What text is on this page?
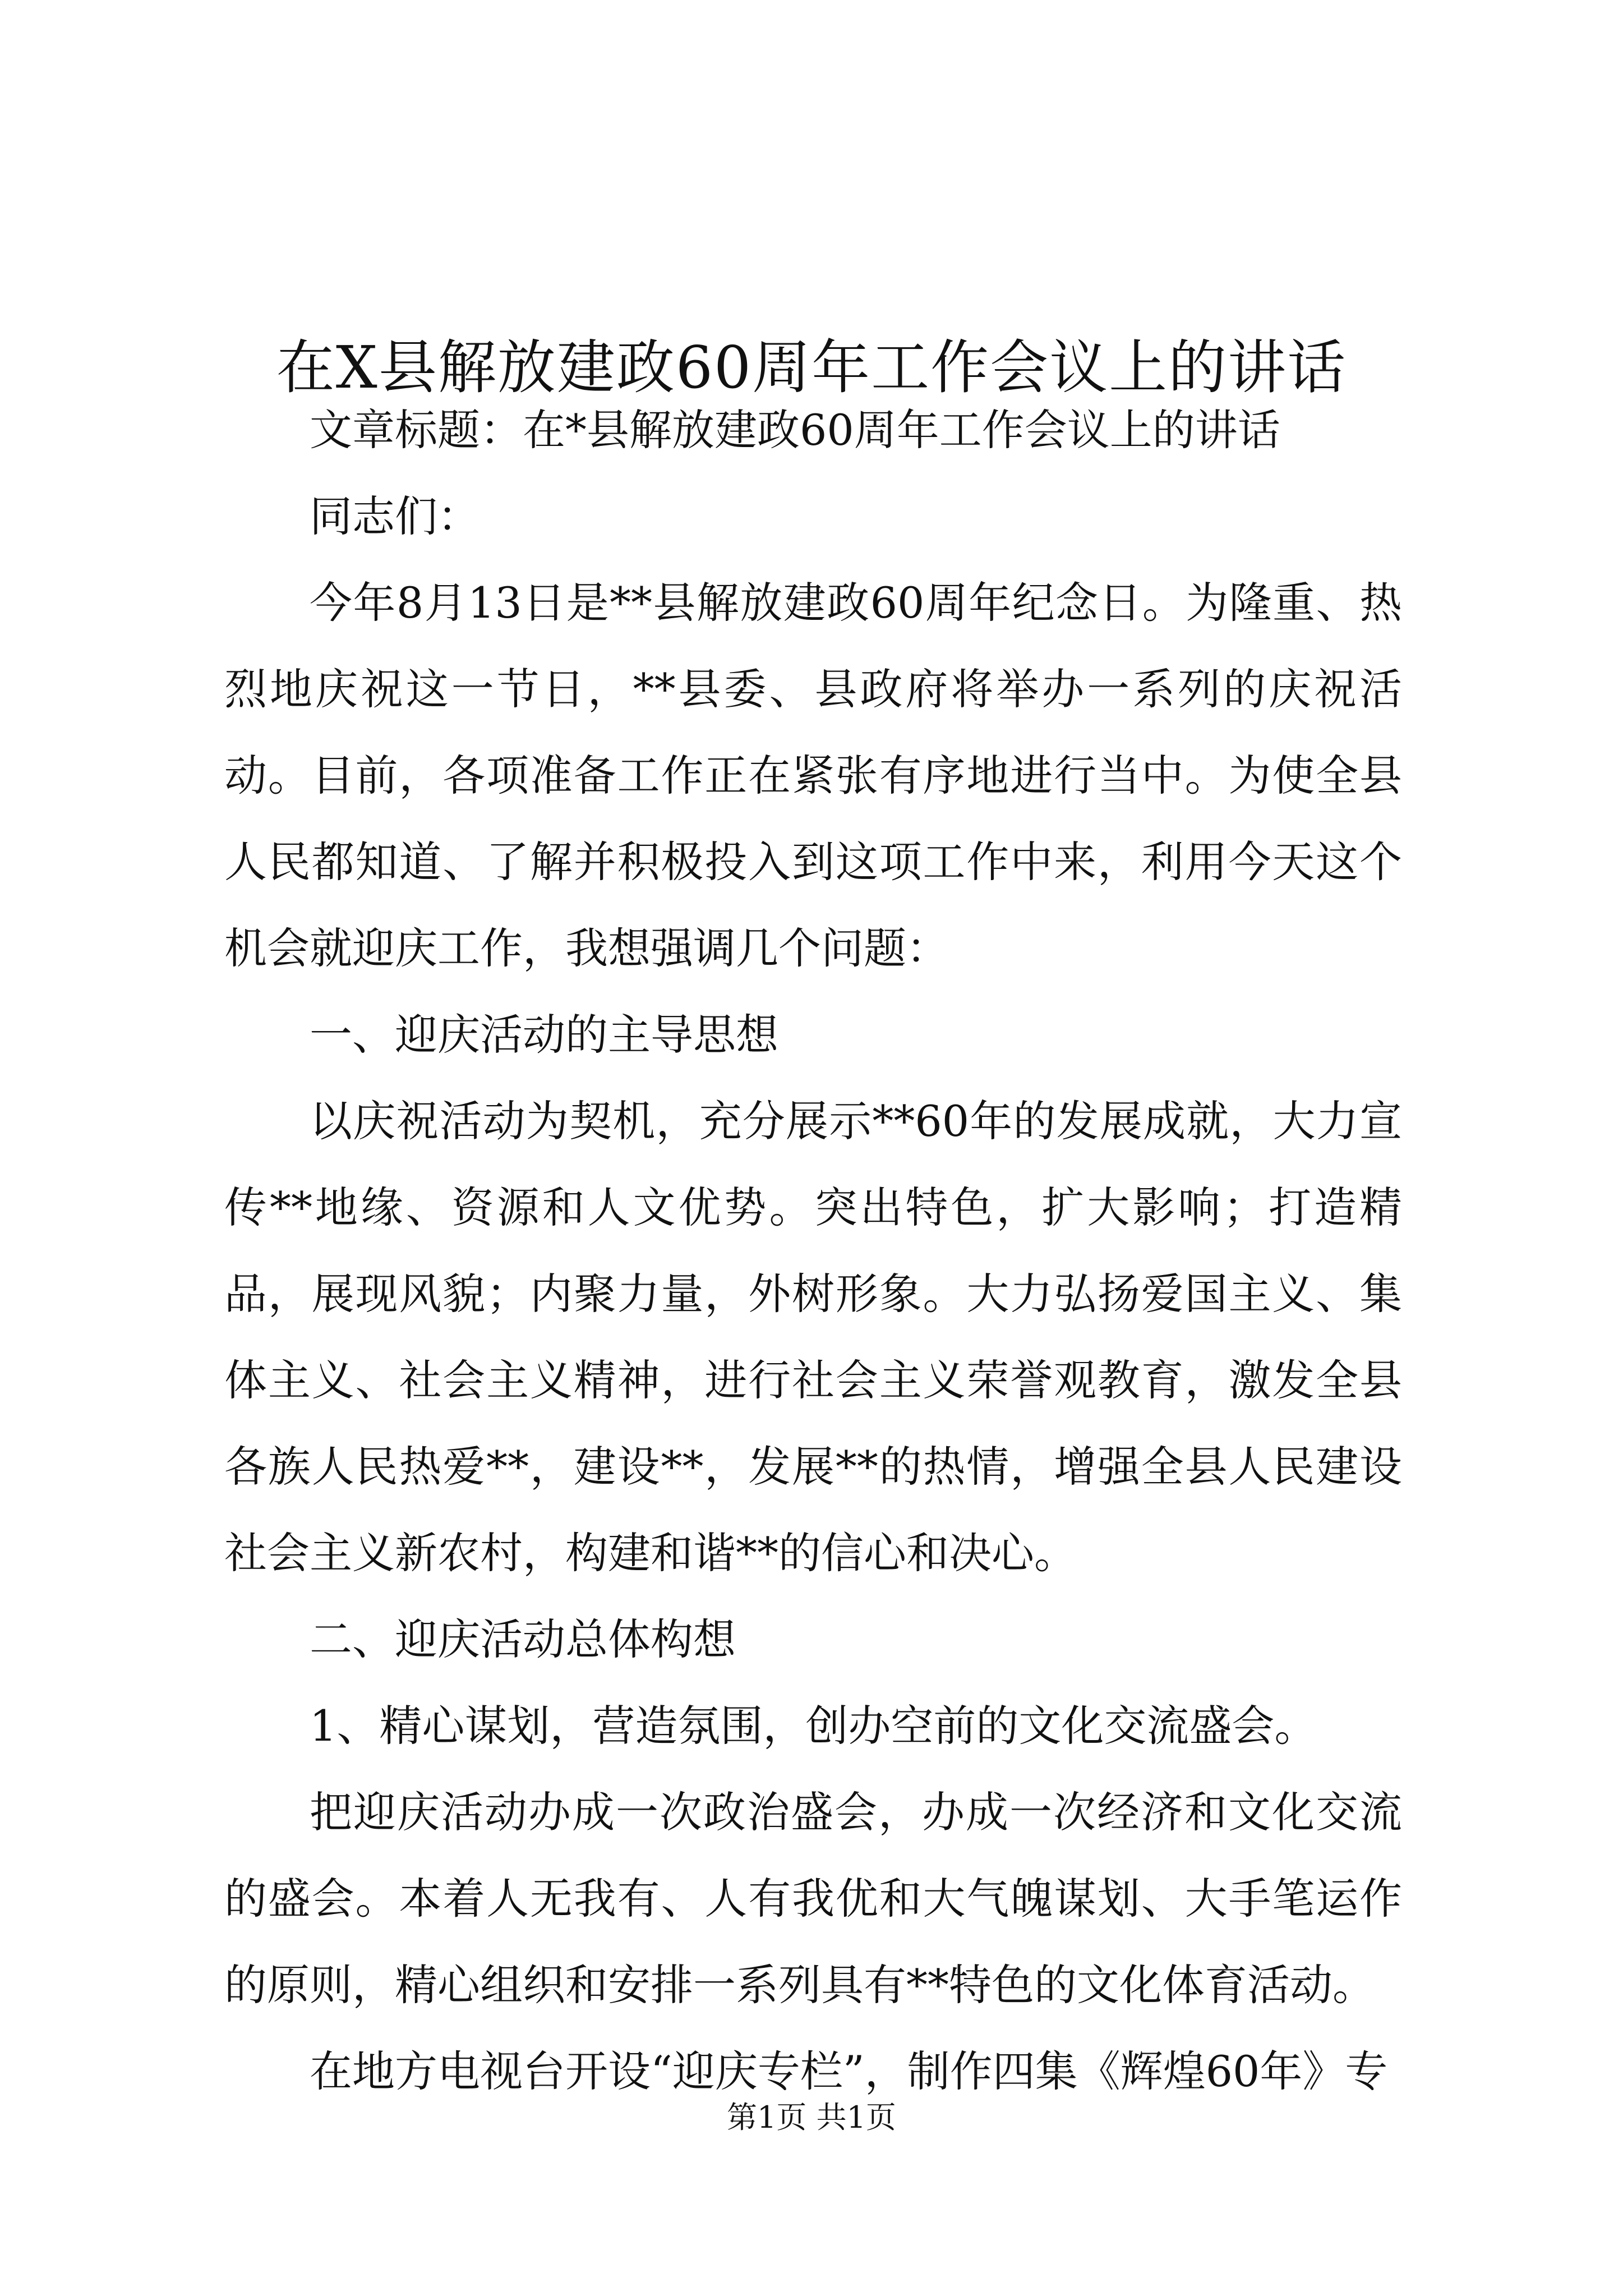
在X县解放建政60周年工作会议上的讲话

文章标题：在*县解放建政60周年工作会议上的讲话

同志们：

今年8月13日是**县解放建政60周年纪念日。为隆重、热烈地庆祝这一节日，**县委、县政府将举办一系列的庆祝活动。目前，各项准备工作正在紧张有序地进行当中。为使全县人民都知道、了解并积极投入到这项工作中来，利用今天这个机会就迎庆工作，我想强调几个问题：

一、迎庆活动的主导思想

以庆祝活动为契机，充分展示**60年的发展成就，大力宣传**地缘、资源和人文优势。突出特色，扩大影响；打造精品，展现风貌；内聚力量，外树形象。大力弘扬爱国主义、集体主义、社会主义精神，进行社会主义荣誉观教育，激发全县各族人民热爱**，建设**，发展**的热情，增强全县人民建设社会主义新农村，构建和谐**的信心和决心。

二、迎庆活动总体构想

1、精心谋划，营造氛围，创办空前的文化交流盛会。

把迎庆活动办成一次政治盛会，办成一次经济和文化交流的盛会。本着人无我有、人有我优和大气魄谋划、大手笔运作的原则，精心组织和安排一系列具有**特色的文化体育活动。

在地方电视台开设“迎庆专栏”，制作四集《辉煌60年》专

第1页 共1页
